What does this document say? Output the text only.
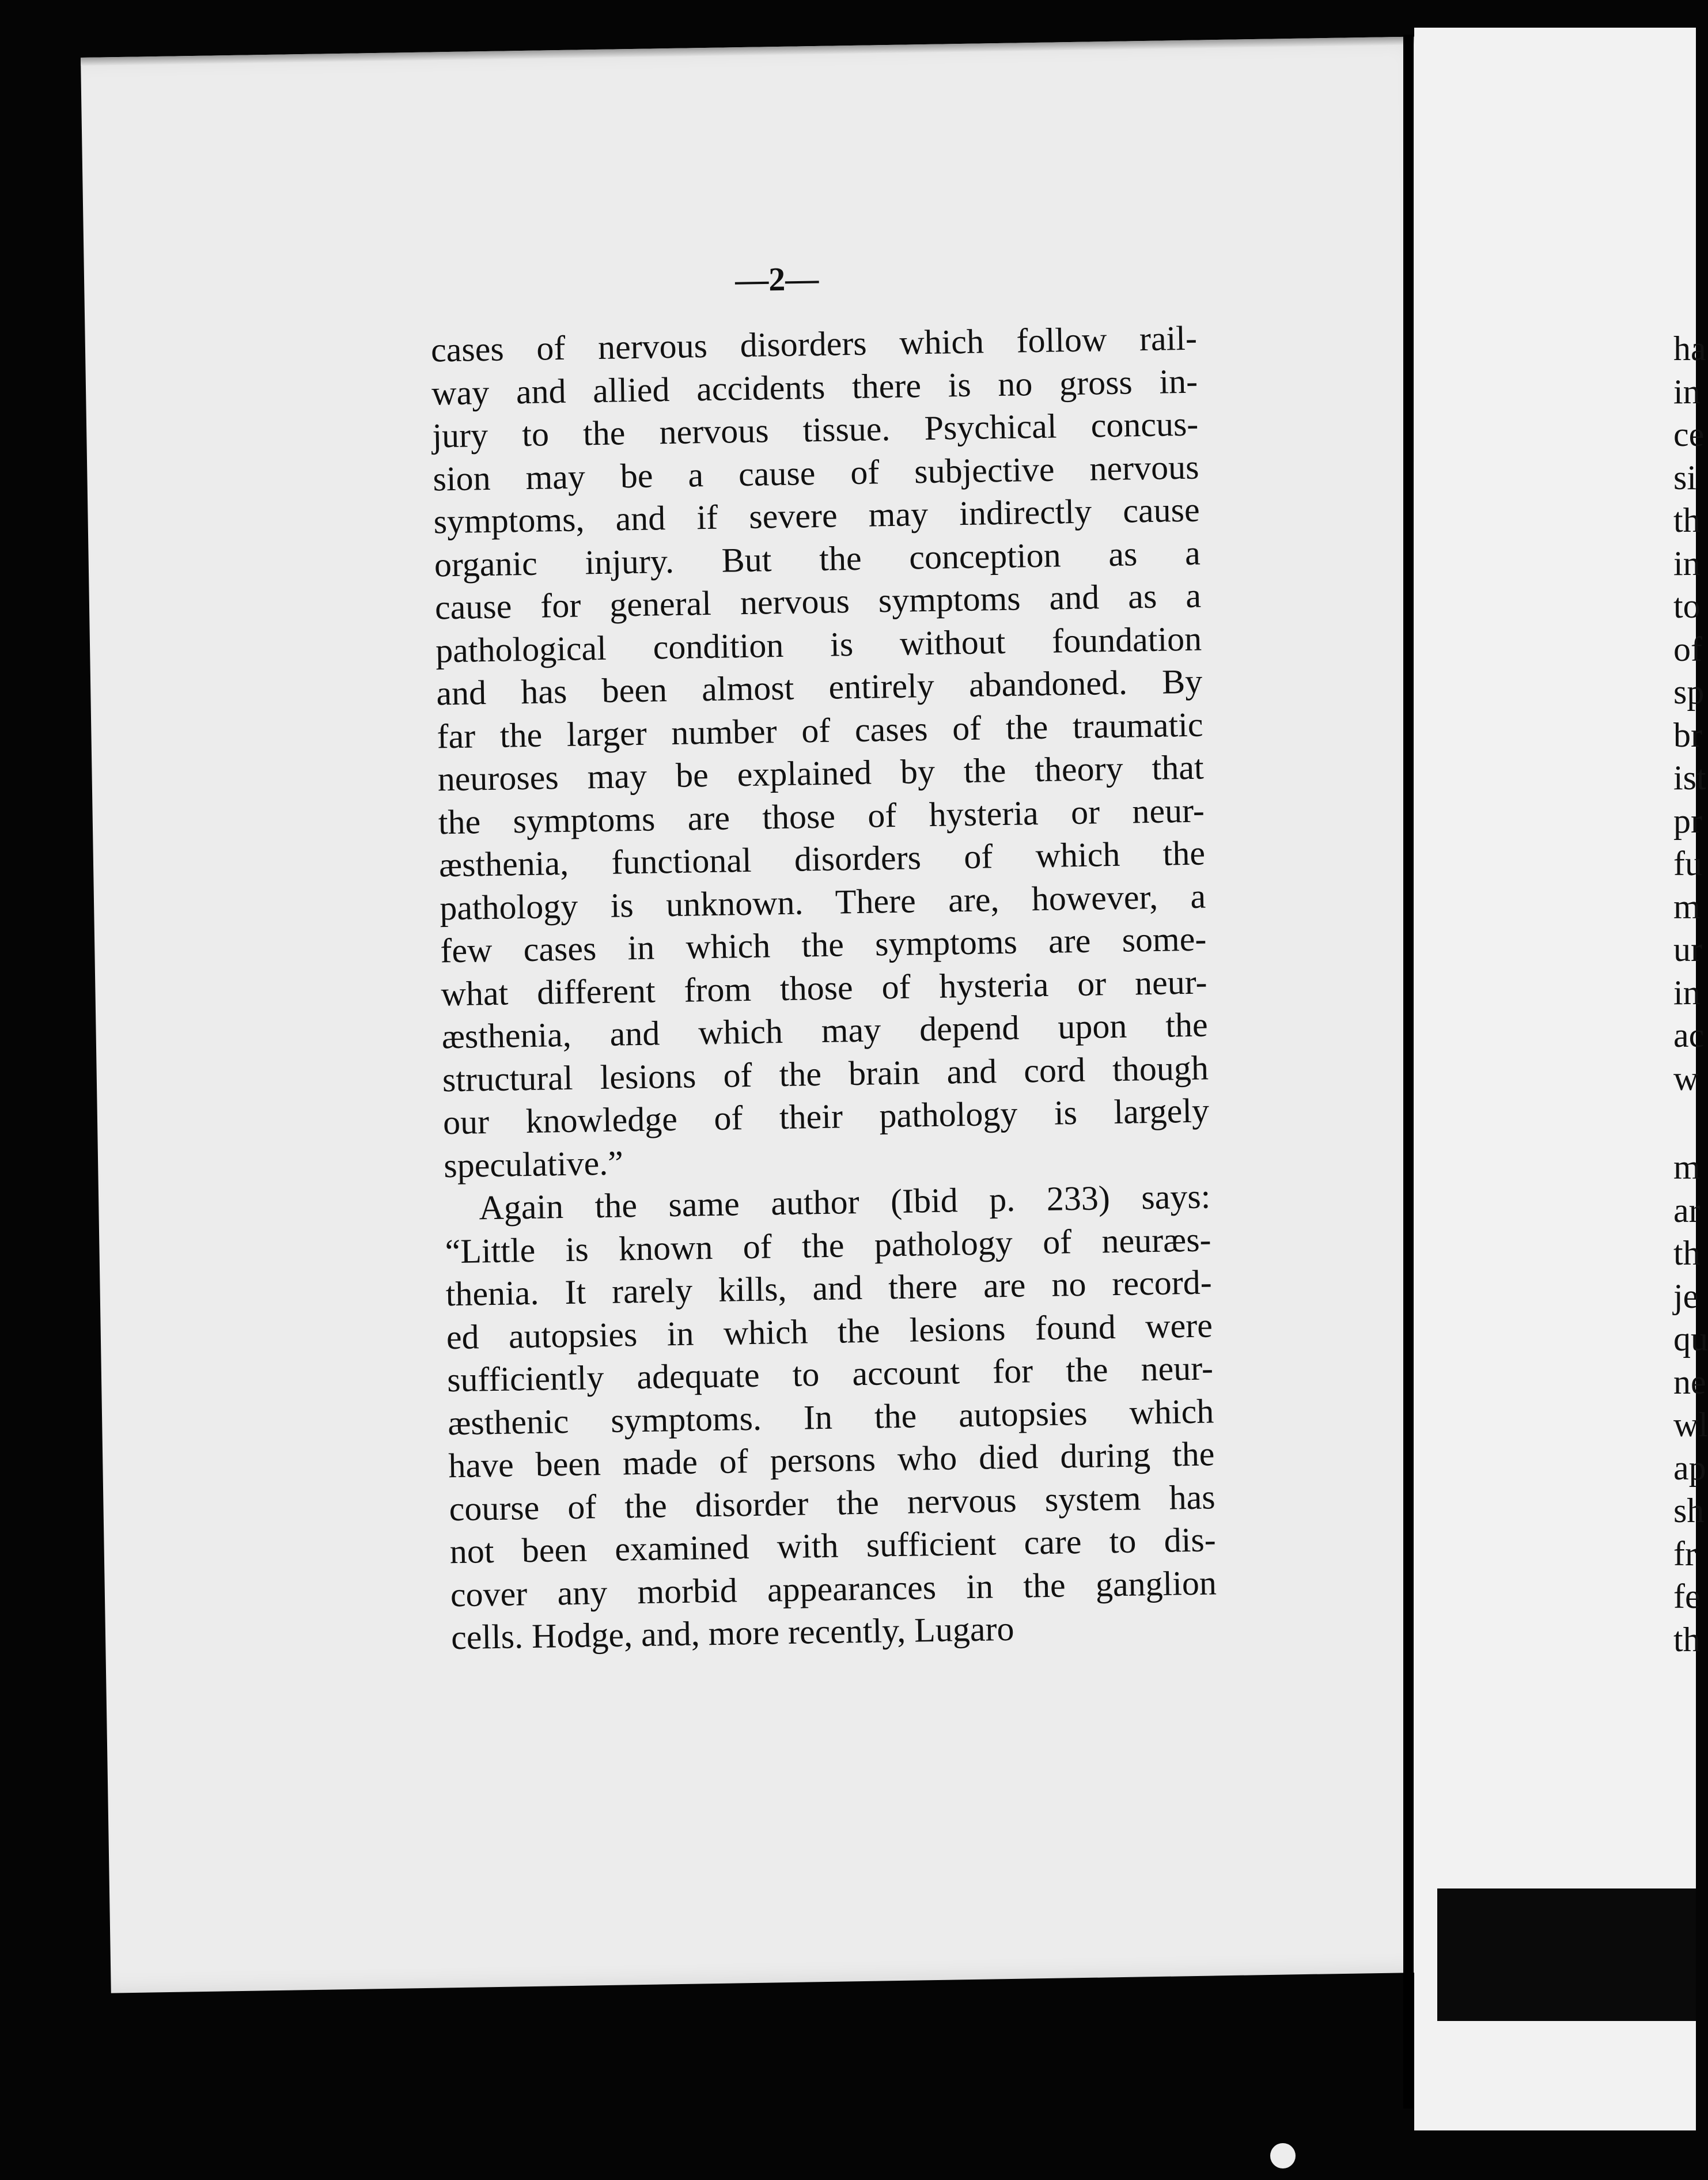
—2—

cases of nervous disorders which follow rail-
way and allied accidents there is no gross in-
jury to the nervous tissue. Psychical concus-
sion may be a cause of subjective nervous
symptoms, and if severe may indirectly cause
organic injury. But the conception as a
cause for general nervous symptoms and as a
pathological condition is without foundation
and has been almost entirely abandoned. By
far the larger number of cases of the traumatic
neuroses may be explained by the theory that
the symptoms are those of hysteria or neur-
æsthenia, functional disorders of which the
pathology is unknown. There are, however, a
few cases in which the symptoms are some-
what different from those of hysteria or neur-
æsthenia, and which may depend upon the
structural lesions of the brain and cord though
our knowledge of their pathology is largely
speculative.”

Again the same author (Ibid p. 233) says:
“Little is known of the pathology of neuræs-
thenia. It rarely kills, and there are no record-
ed autopsies in which the lesions found were
sufficiently adequate to account for the neur-
æsthenic symptoms. In the autopsies which
have been made of persons who died during the
course of the disorder the nervous system has
not been examined with sufficient care to dis-
cover any morbid appearances in the ganglion
cells. Hodge, and, more recently, Lugaro

ha
in
ce
si
th
in
to
of
sp
br
ist
pr
fu
m
ur
in
ac
w
m
ar
th
je
qu
ne
wl
ap
sh
fr
fe
th
